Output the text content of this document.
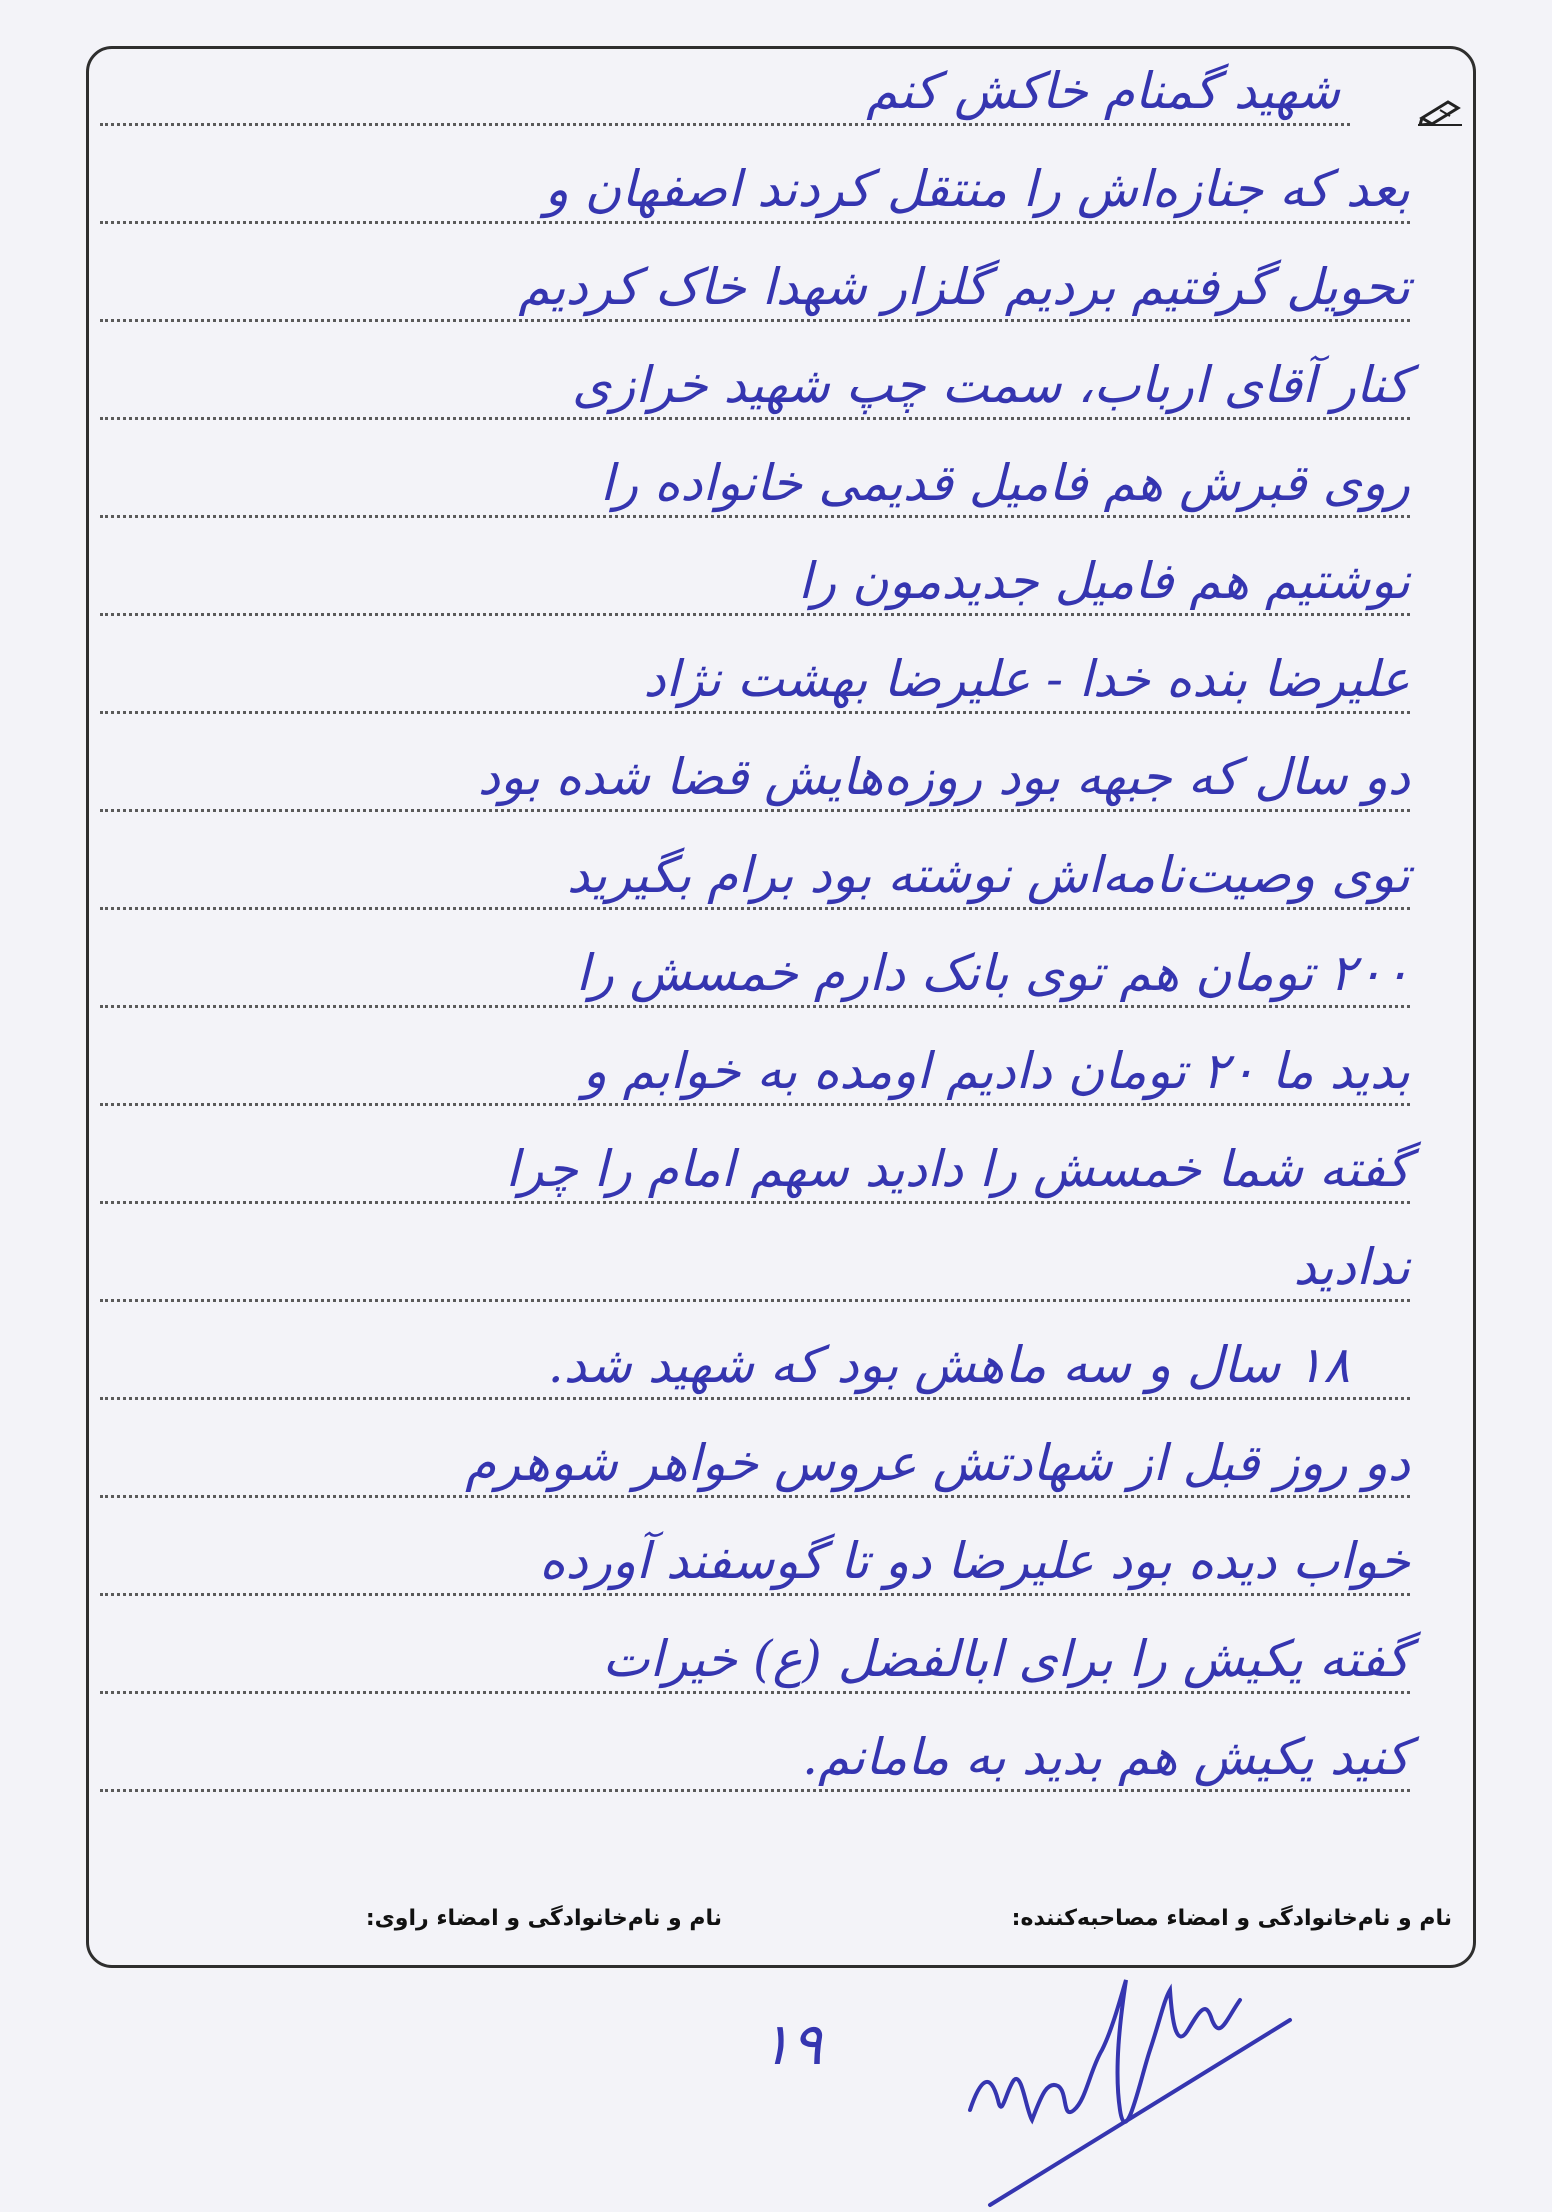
شهید گمنام خاکش کنم
بعد که جنازه‌اش را منتقل کردند اصفهان و
تحویل گرفتیم بردیم گلزار شهدا خاک کردیم
کنار آقای ارباب، سمت چپ شهید خرازی
روی قبرش هم فامیل قدیمی خانواده را
نوشتیم هم فامیل جدیدمون را
علیرضا بنده خدا - علیرضا بهشت نژاد
دو سال که جبهه بود روزه‌هایش قضا شده بود
توی وصیت‌نامه‌اش نوشته بود برام بگیرید
۲۰۰ تومان هم توی بانک دارم خمسش را
بدید ما ۲۰ تومان دادیم اومده به خوابم و
گفته شما خمسش را دادید سهم امام را چرا
ندادید
۱۸ سال و سه ماهش بود که شهید شد.
دو روز قبل از شهادتش عروس خواهر شوهرم
خواب دیده بود علیرضا دو تا گوسفند آورده
گفته یکیش را برای ابالفضل (ع) خیرات
کنید یکیش هم بدید به مامانم.
نام و نام‌خانوادگی و امضاء مصاحبه‌کننده:
نام و نام‌خانوادگی و امضاء راوی:
۱۹
